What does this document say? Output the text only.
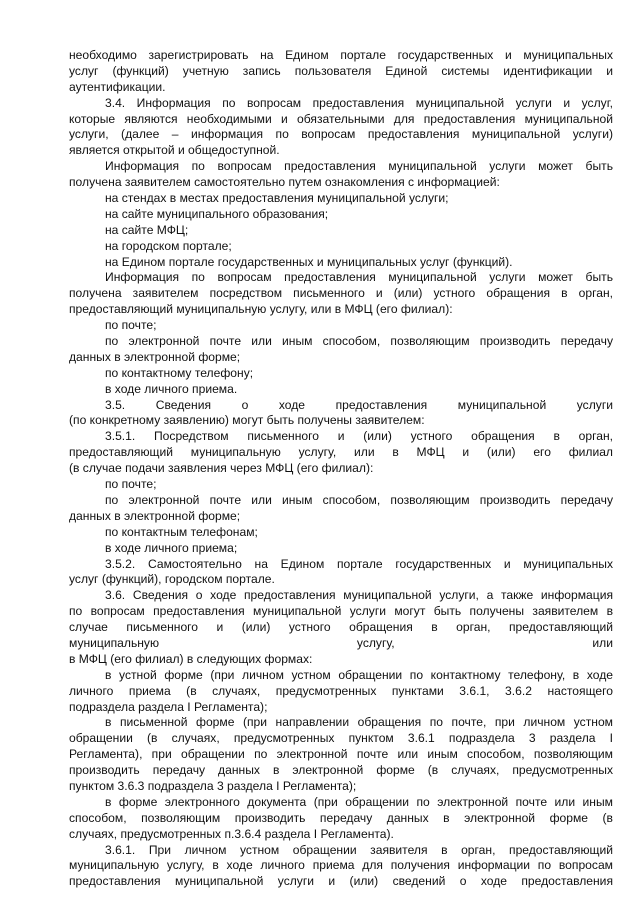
необходимо зарегистрировать на Едином портале государственных и муниципальных
услуг (функций) учетную запись пользователя Единой системы идентификации и
аутентификации.
3.4. Информация по вопросам предоставления муниципальной услуги и услуг,
которые являются необходимыми и обязательными для предоставления муниципальной
услуги, (далее – информация по вопросам предоставления муниципальной услуги)
является открытой и общедоступной.
Информация по вопросам предоставления муниципальной услуги может быть
получена заявителем самостоятельно путем ознакомления с информацией:
на стендах в местах предоставления муниципальной услуги;
на сайте муниципального образования;
на сайте МФЦ;
на городском портале;
на Едином портале государственных и муниципальных услуг (функций).
Информация по вопросам предоставления муниципальной услуги может быть
получена заявителем посредством письменного и (или) устного обращения в орган,
предоставляющий муниципальную услугу, или в МФЦ (его филиал):
по почте;
по электронной почте или иным способом, позволяющим производить передачу
данных в электронной форме;
по контактному телефону;
в ходе личного приема.
3.5. Сведения о ходе предоставления муниципальной услуги
(по конкретному заявлению) могут быть получены заявителем:
3.5.1. Посредством письменного и (или) устного обращения в орган,
предоставляющий муниципальную услугу, или в МФЦ и (или) его филиал
(в случае подачи заявления через МФЦ (его филиал):
по почте;
по электронной почте или иным способом, позволяющим производить передачу
данных в электронной форме;
по контактным телефонам;
в ходе личного приема;
3.5.2. Самостоятельно на Едином портале государственных и муниципальных
услуг (функций), городском портале.
3.6. Сведения о ходе предоставления муниципальной услуги, а также информация
по вопросам предоставления муниципальной услуги могут быть получены заявителем в
случае письменного и (или) устного обращения в орган, предоставляющий
муниципальную услугу, или
в МФЦ (его филиал) в следующих формах:
в устной форме (при личном устном обращении по контактному телефону, в ходе
личного приема (в случаях, предусмотренных пунктами 3.6.1, 3.6.2 настоящего
подраздела раздела I Регламента);
в письменной форме (при направлении обращения по почте, при личном устном
обращении (в случаях, предусмотренных пунктом 3.6.1 подраздела 3 раздела I
Регламента), при обращении по электронной почте или иным способом, позволяющим
производить передачу данных в электронной форме (в случаях, предусмотренных
пунктом 3.6.3 подраздела 3 раздела I Регламента);
в форме электронного документа (при обращении по электронной почте или иным
способом, позволяющим производить передачу данных в электронной форме (в
случаях, предусмотренных п.3.6.4 раздела I Регламента).
3.6.1. При личном устном обращении заявителя в орган, предоставляющий
муниципальную услугу, в ходе личного приема для получения информации по вопросам
предоставления муниципальной услуги и (или) сведений о ходе предоставления
